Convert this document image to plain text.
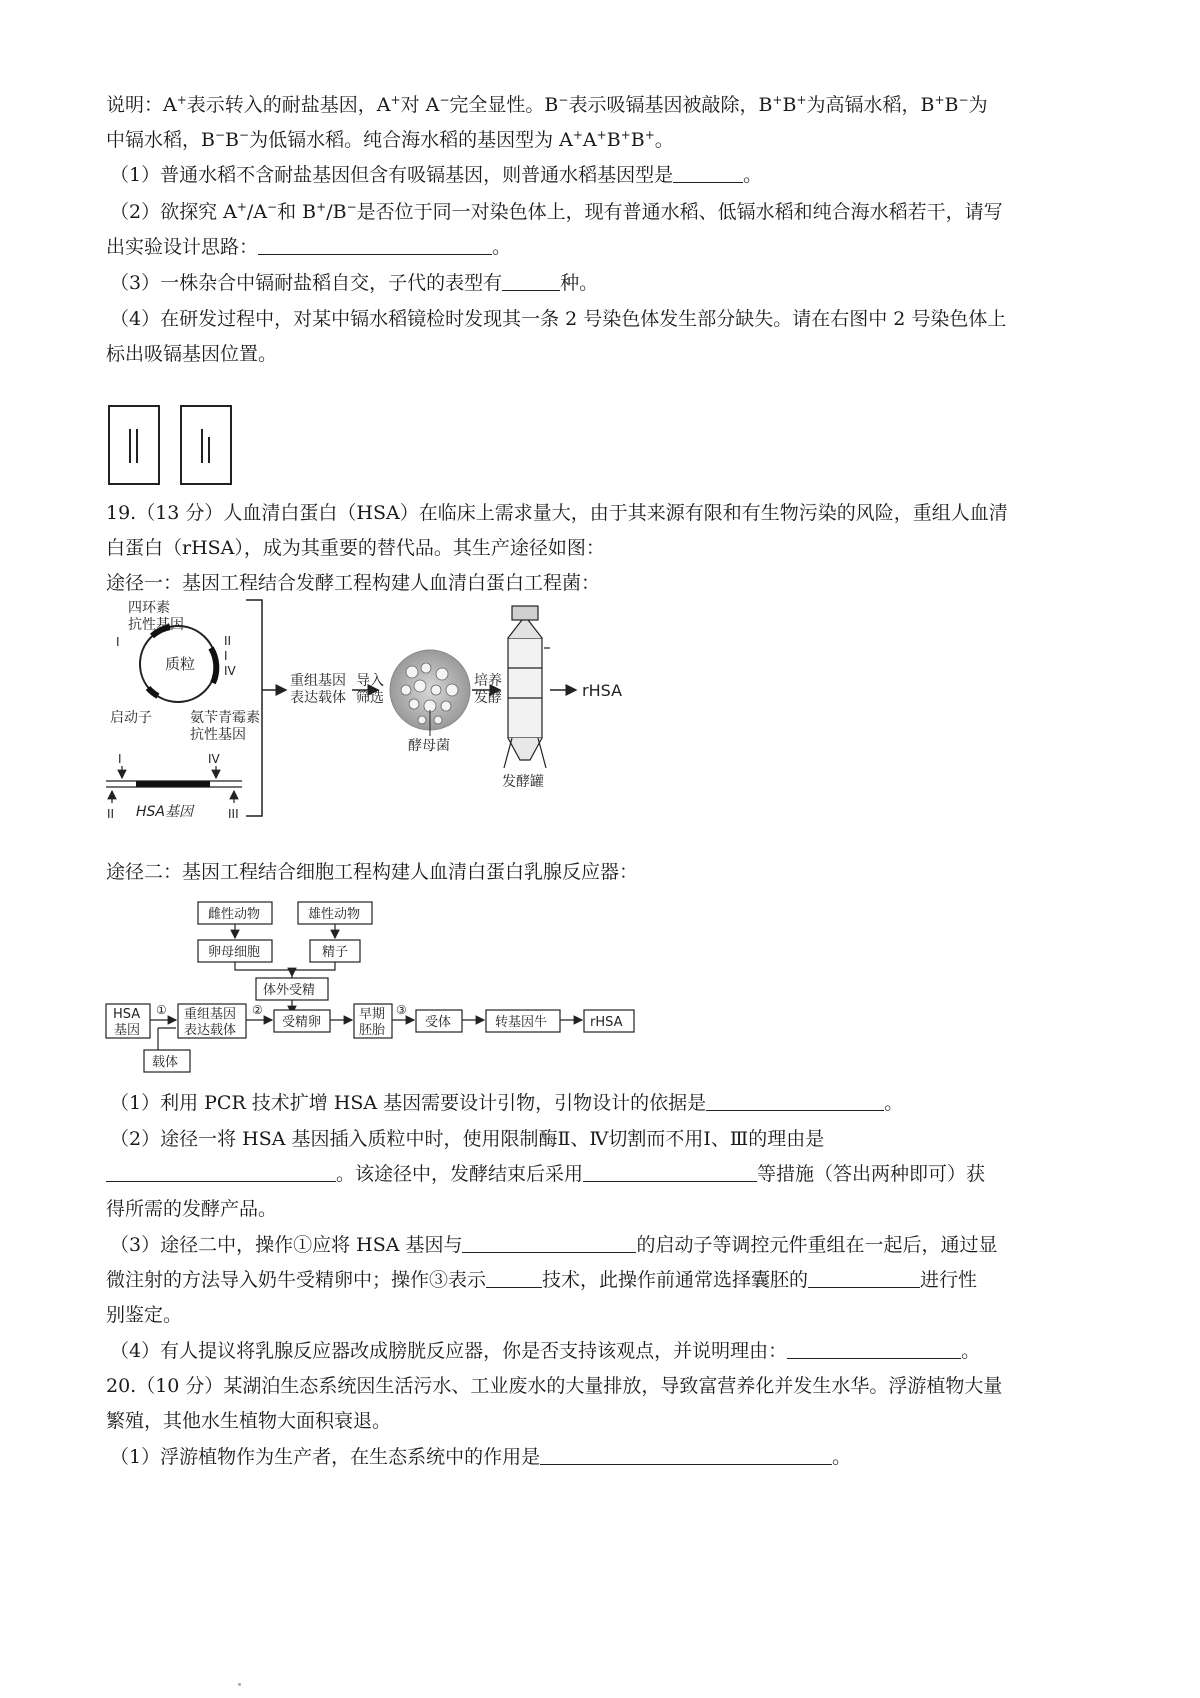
说明：A+表示转入的耐盐基因，A+对 A−完全显性。B−表示吸镉基因被敲除，B+B+为高镉水稻，B+B−为
中镉水稻，B−B−为低镉水稻。纯合海水稻的基因型为 A+A+B+B+。
（1）普通水稻不含耐盐基因但含有吸镉基因，则普通水稻基因型是	。
（2）欲探究 A+/A−和 B+/B−是否位于同一对染色体上，现有普通水稻、低镉水稻和纯合海水稻若干，请写
出实验设计思路：	。
（3）一株杂合中镉耐盐稻自交，子代的表型有	种。
（4）在研发过程中，对某中镉水稻镜检时发现其一条 2 号染色体发生部分缺失。请在右图中 2 号染色体上
标出吸镉基因位置。
19.（13 分）人血清白蛋白（HSA）在临床上需求量大，由于其来源有限和有生物污染的风险，重组人血清
白蛋白（rHSA），成为其重要的替代品。其生产途径如图：
途径一：基因工程结合发酵工程构建人血清白蛋白工程菌：
四环素
抗性基因
质粒
I	II
I
IV
启动子	氨苄青霉素
抗性基因
I	IV
II	III
HSA基因
重组基因
表达载体
导入
筛选
酵母菌
培养
发酵
发酵罐
rHSA
途径二：基因工程结合细胞工程构建人血清白蛋白乳腺反应器：
雌性动物	雄性动物
卵母细胞	精子
体外受精
HSA
基因
① 重组基因
表达载体
②
受精卵
早期
胚胎
③
受体	转基因牛	rHSA
载体
（1）利用 PCR 技术扩增 HSA 基因需要设计引物，引物设计的依据是	。
（2）途径一将 HSA 基因插入质粒中时，使用限制酶Ⅱ、Ⅳ切割而不用Ⅰ、Ⅲ的理由是
。该途径中，发酵结束后采用	等措施（答出两种即可）获
得所需的发酵产品。
（3）途径二中，操作①应将 HSA 基因与	的启动子等调控元件重组在一起后，通过显
微注射的方法导入奶牛受精卵中；操作③表示	技术，此操作前通常选择囊胚的	进行性
别鉴定。
（4）有人提议将乳腺反应器改成膀胱反应器，你是否支持该观点，并说明理由：	。
20.（10 分）某湖泊生态系统因生活污水、工业废水的大量排放，导致富营养化并发生水华。浮游植物大量
繁殖，其他水生植物大面积衰退。
（1）浮游植物作为生产者，在生态系统中的作用是	。
